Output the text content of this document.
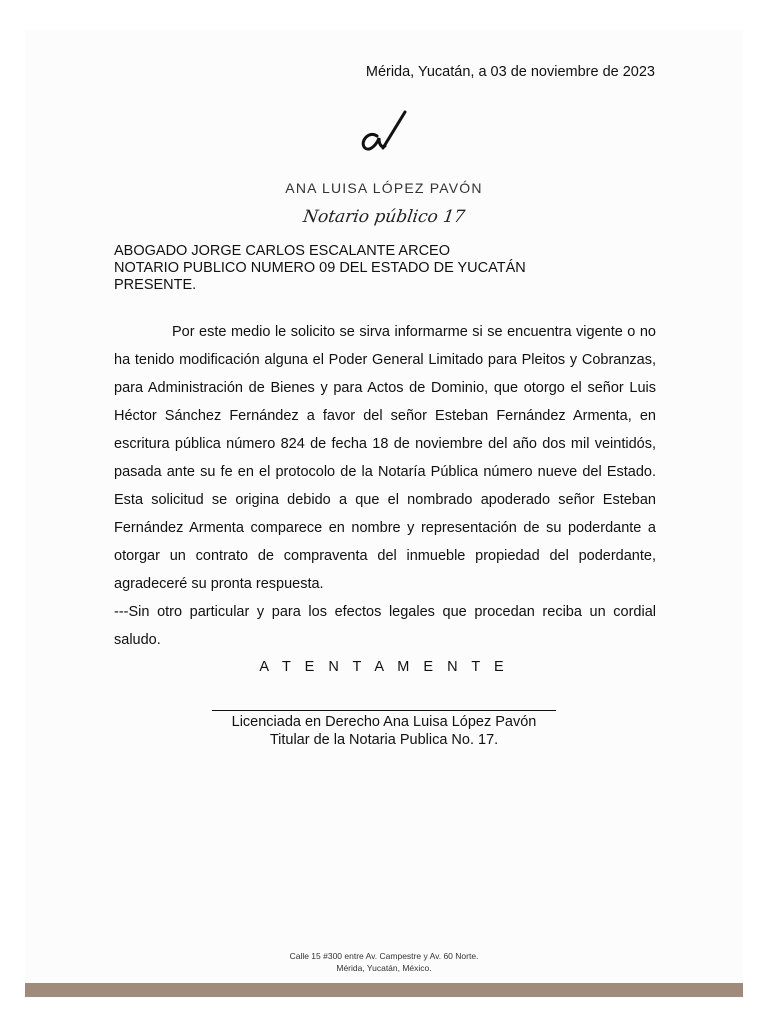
Mérida, Yucatán, a 03 de noviembre de 2023
ANA LUISA LÓPEZ PAVÓN
Notario público 17
ABOGADO JORGE CARLOS ESCALANTE ARCEO
NOTARIO PUBLICO NUMERO 09 DEL ESTADO DE YUCATÁN
PRESENTE.

Por este medio le solicito se sirva informarme si se encuentra vigente o no ha tenido modificación alguna el Poder General Limitado para Pleitos y Cobranzas, para Administración de Bienes y para Actos de Dominio, que otorgo el señor Luis Héctor Sánchez Fernández a favor del señor Esteban Fernández Armenta, en escritura pública número 824 de fecha 18 de noviembre del año dos mil veintidós, pasada ante su fe en el protocolo de la Notaría Pública número nueve del Estado. Esta solicitud se origina debido a que el nombrado apoderado señor Esteban Fernández Armenta comparece en nombre y representación de su poderdante a otorgar un contrato de compraventa del inmueble propiedad del poderdante, agradeceré su pronta respuesta.

---Sin otro particular y para los efectos legales que procedan reciba un cordial saludo.

A T E N T A M E N T E
Licenciada en Derecho Ana Luisa López Pavón
Titular de la Notaria Publica No. 17.
Calle 15 #300 entre Av. Campestre y Av. 60 Norte.
Mérida, Yucatán, México.
